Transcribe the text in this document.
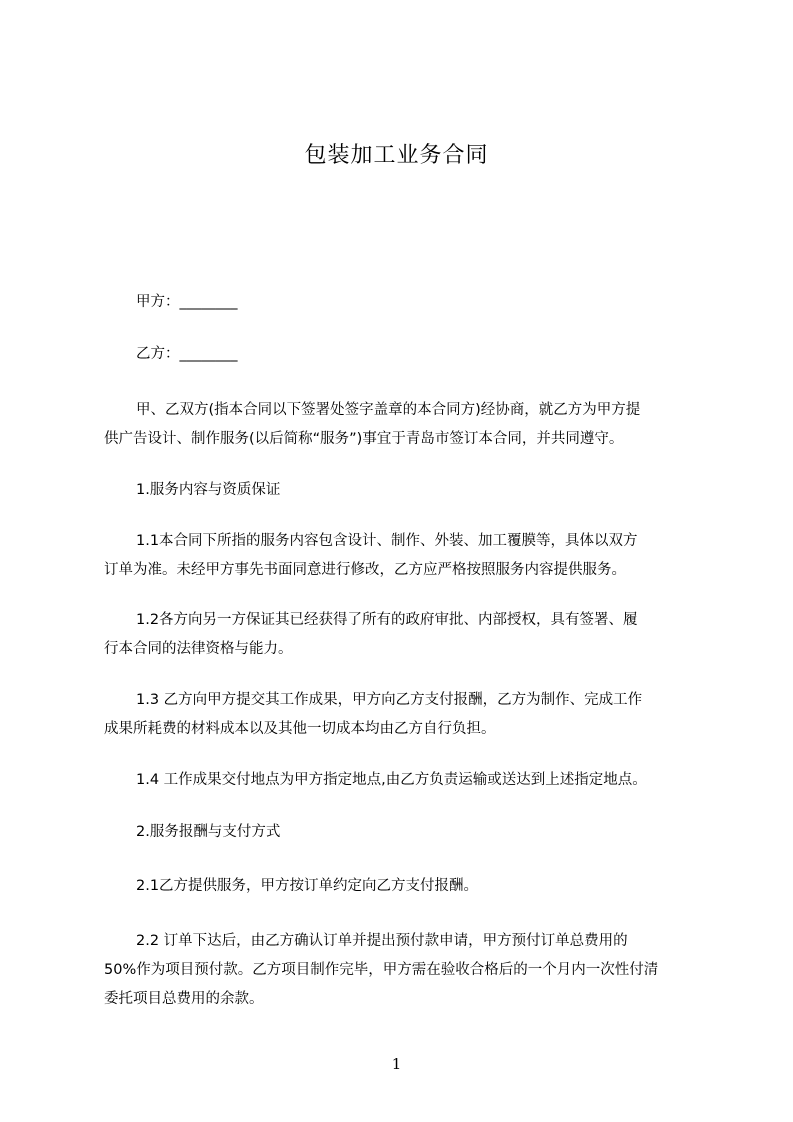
包装加工业务合同
甲方：________
乙方：________
甲、乙双方(指本合同以下签署处签字盖章的本合同方)经协商，就乙方为甲方提
供广告设计、制作服务(以后简称“服务”)事宜于青岛市签订本合同，并共同遵守。
1.服务内容与资质保证
1.1本合同下所指的服务内容包含设计、制作、外装、加工覆膜等，具体以双方
订单为准。未经甲方事先书面同意进行修改，乙方应严格按照服务内容提供服务。
1.2各方向另一方保证其已经获得了所有的政府审批、内部授权，具有签署、履
行本合同的法律资格与能力。
1.3 乙方向甲方提交其工作成果，甲方向乙方支付报酬，乙方为制作、完成工作
成果所耗费的材料成本以及其他一切成本均由乙方自行负担。
1.4 工作成果交付地点为甲方指定地点,由乙方负责运输或送达到上述指定地点。
2.服务报酬与支付方式
2.1乙方提供服务，甲方按订单约定向乙方支付报酬。
2.2 订单下达后，由乙方确认订单并提出预付款申请，甲方预付订单总费用的
50%作为项目预付款。乙方项目制作完毕，甲方需在验收合格后的一个月内一次性付清
委托项目总费用的余款。
1
